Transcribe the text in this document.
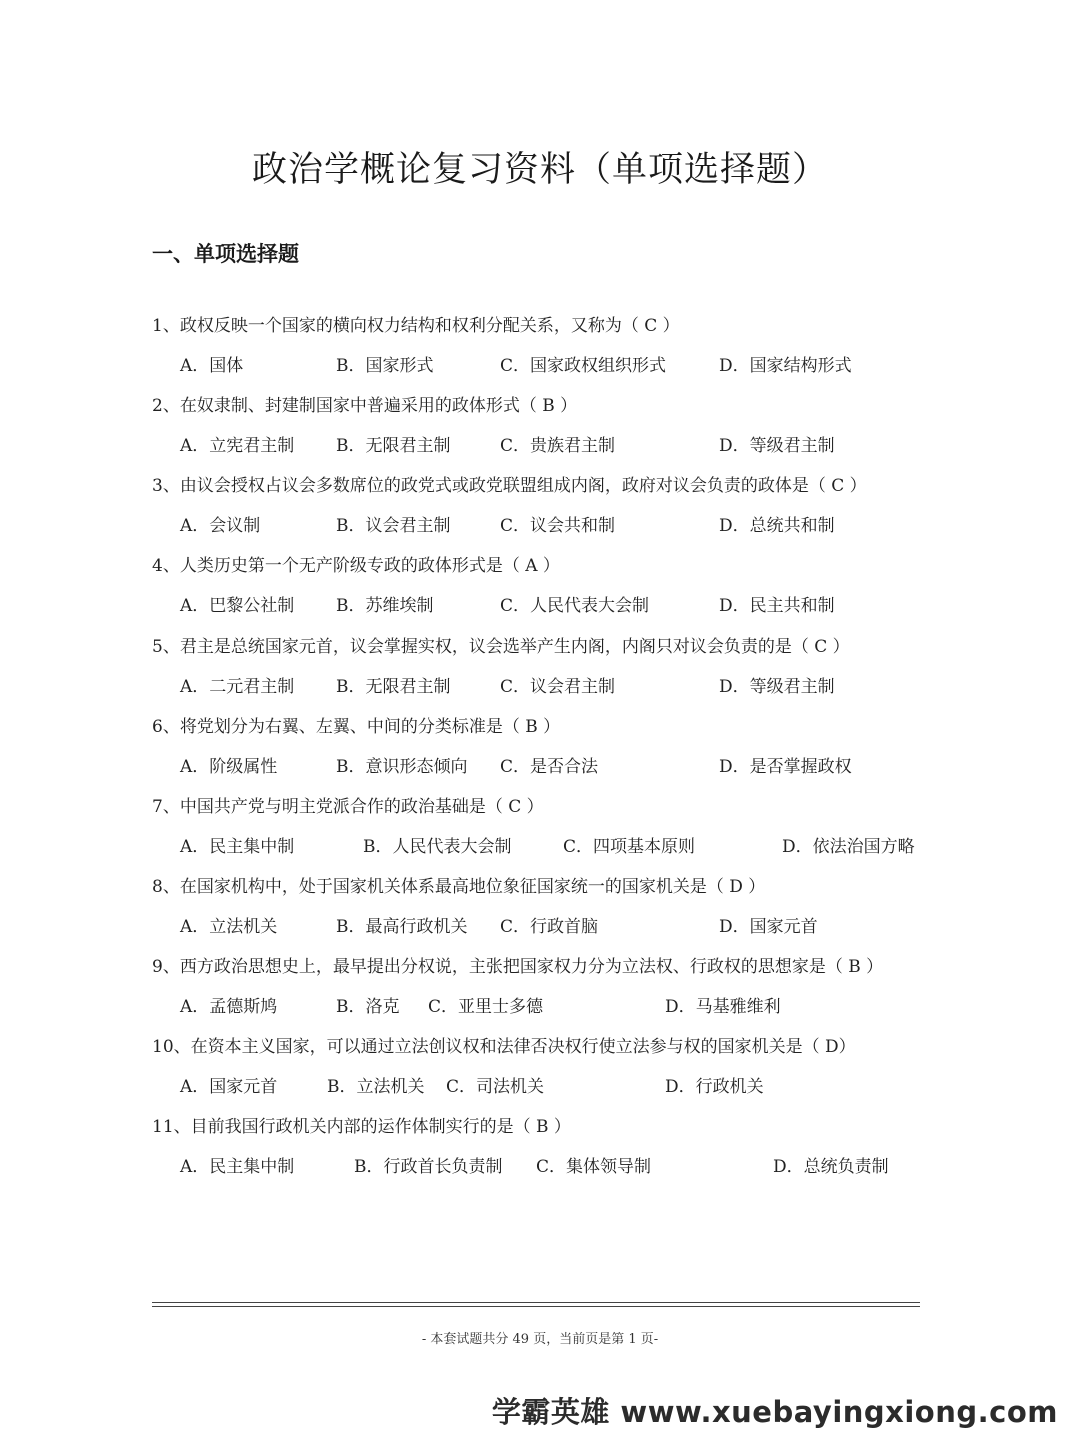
政治学概论复习资料（单项选择题）
一、单项选择题
1、政权反映一个国家的横向权力结构和权利分配关系，又称为（ C ）
A．国体	B．国家形式	C．国家政权组织形式	D．国家结构形式
2、在奴隶制、封建制国家中普遍采用的政体形式（ B ）
A．立宪君主制 B．无限君主制	C．贵族君主制	D．等级君主制
3、由议会授权占议会多数席位的政党式或政党联盟组成内阁，政府对议会负责的政体是（ C ）
A．会议制	B．议会君主制	C．议会共和制	D．总统共和制
4、人类历史第一个无产阶级专政的政体形式是（ A ）
A．巴黎公社制 B．苏维埃制	C．人民代表大会制	D．民主共和制
5、君主是总统国家元首，议会掌握实权，议会选举产生内阁，内阁只对议会负责的是（ C ）
A．二元君主制 B．无限君主制	C．议会君主制	D．等级君主制
6、将党划分为右翼、左翼、中间的分类标准是（ B ）
A．阶级属性	B．意识形态倾向 C．是否合法	D．是否掌握政权
7、中国共产党与明主党派合作的政治基础是（ C ）
A．民主集中制	B．人民代表大会制	C．四项基本原则	D．依法治国方略
8、在国家机构中，处于国家机关体系最高地位象征国家统一的国家机关是（ D ）
A．立法机关	B．最高行政机关 C．行政首脑	D．国家元首
9、西方政治思想史上，最早提出分权说，主张把国家权力分为立法权、行政权的思想家是（ B ）
A．孟德斯鸠	B．洛克 C．亚里士多德	D．马基雅维利
10、在资本主义国家，可以通过立法创议权和法律否决权行使立法参与权的国家机关是（ D）
A．国家元首	B．立法机关 C．司法机关	D．行政机关
11、目前我国行政机关内部的运作体制实行的是（ B ）
A．民主集中制	B．行政首长负责制 C．集体领导制	D．总统负责制
- 本套试题共分 49 页，当前页是第 1 页-
学霸英雄 www.xuebayingxiong.com
